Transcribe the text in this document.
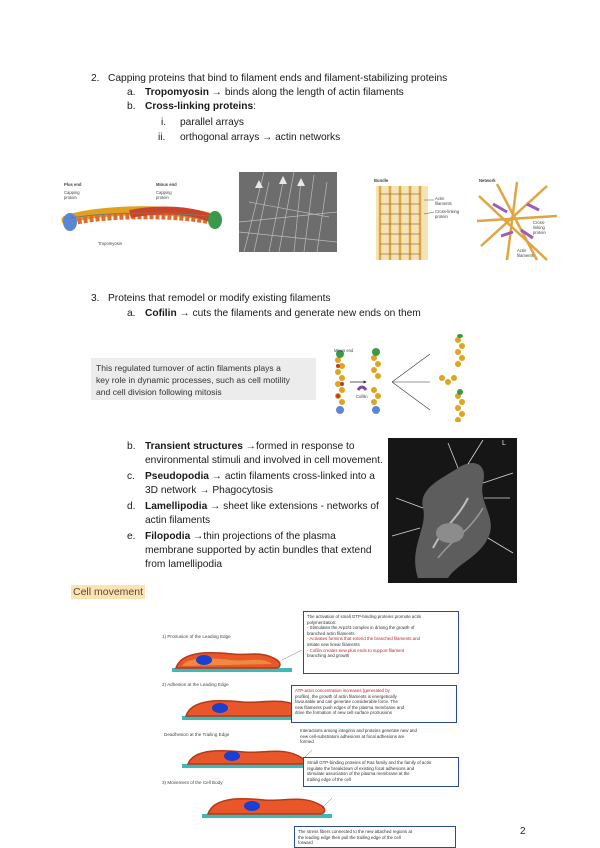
2. Capping proteins that bind to filament ends and filament-stabilizing proteins
a. Tropomyosin → binds along the length of actin filaments
b. Cross-linking proteins:
i. parallel arrays
ii. orthogonal arrays → actin networks
Plus end
Capping
protein
Minus end
Capping
protein
Tropomyosin
Bundle
Actin
filaments
Cross-linking
protein
Network
Cross-
linking
protein
Actin
filaments
3. Proteins that remodel or modify existing filaments
a. Cofilin → cuts the filaments and generate new ends on them
This regulated turnover of actin filaments plays a
key role in dynamic processes, such as cell motility
and cell division following mitosis
Minus end
Cofilin
b. Transient structures →formed in response to
environmental stimuli and involved in cell movement.
c. Pseudopodia → actin filaments cross-linked into a
3D network → Phagocytosis
d. Lamellipodia → sheet like extensions - networks of
actin filaments
e. Filopodia →thin projections of the plasma
membrane supported by actin bundles that extend
from lamellipodia
L
Cell movement
1) Protrusion of the Leading Edge
2) Adhesion at the Leading Edge
Deadhesion at the Trailing Edge
3) Movement of the Cell Body
The activation of small GTP-binding proteins promote actin
polymerization:
- Stimulates the Arp2/3 complex in driving the growth of
branched actin filaments
- Activates formins that extend the branched filaments and
initiate new linear filaments
- Cofilin creates new plus ends to support filament
branching and growth
ATP-actin concentration increases (generated by
profilin), the growth of actin filaments is energetically
favourable and can generate considerable force. The
new filaments push edges of the plasma membrane and
drive the formation of new cell surface protrusions
Interactions among integrins and proteins generate new and
new cell-substratum adhesions at focal adhesions are
formed
Small GTP-binding proteins of Ras family and the family of actin
regulate the breakdown of existing focal adhesions and
stimulate association of the plasma membrane at the
trailing edge of the cell
The stress fibers connected to the new attached regions at
the leading edge then pull the trailing edge of the cell
forward
2
